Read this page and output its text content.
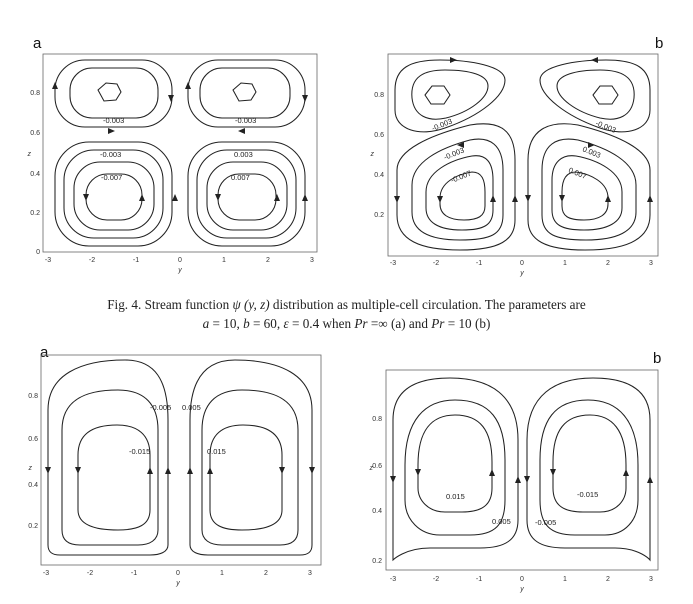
a	b
-0.003	-0.003
-0.003	0.003
-0.007	0.007
-3	-2	-1	0	1	2	3
y
0
0.2
0.4
0.6
0.8
z
-0.003	-0.003
-0.003	0.003
-0.007	0.007
-3	-2	-1	0	1	2	3
y
0.2
0.4
0.6
0.8
z
Fig. 4. Stream function ψ (y, z) distribution as multiple-cell circulation. The parameters are
a = 10, b = 60, ε = 0.4 when Pr =∞ (a) and Pr = 10 (b)
a	b
-0.005 0.005
-0.015	0.015
-3	-2	-1	0	1	2	3
y
0.2
0.4
0.6
0.8
z
0.015	-0.015
0.005	-0.005
-3	-2	-1	0	1	2	3
y
0.2
0.4
0.6
0.8
z
